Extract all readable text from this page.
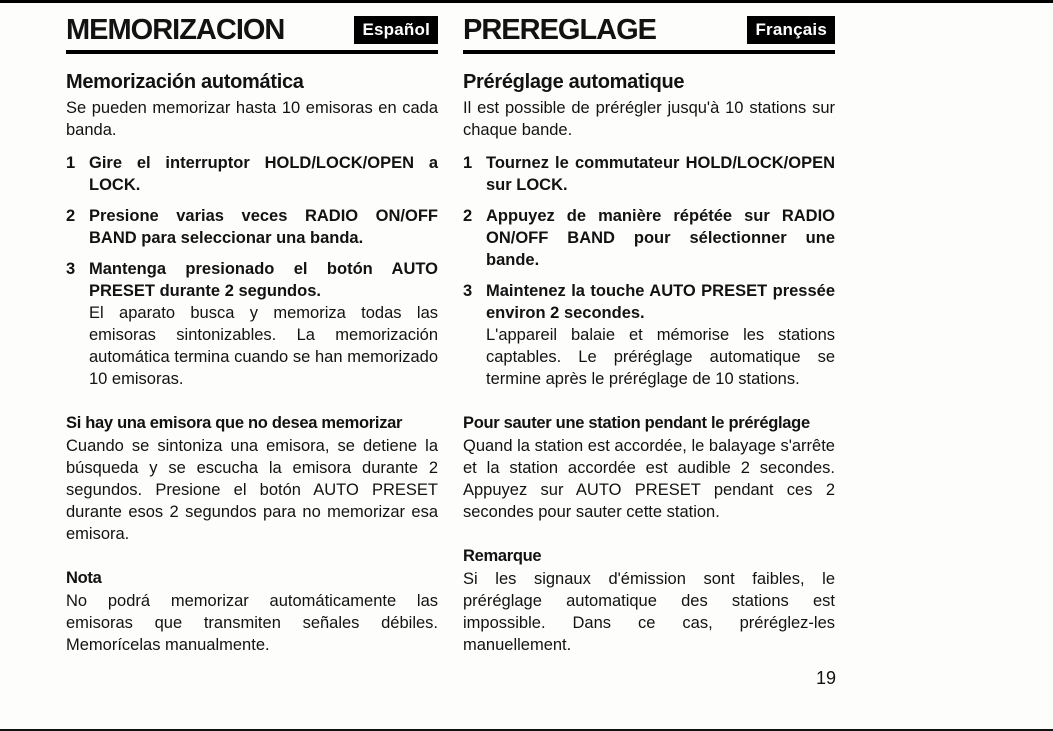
MEMORIZACION	Español
Memorización automática

Se pueden memorizar hasta 10 emisoras en cada banda.

1 Gire el interruptor HOLD/LOCK/OPEN a LOCK.
2 Presione varias veces RADIO ON/OFF BAND para seleccionar una banda.
3 Mantenga presionado el botón AUTO PRESET durante 2 segundos.

El aparato busca y memoriza todas las emisoras sintonizables. La memorización automática termina cuando se han memorizado 10 emisoras.

Si hay una emisora que no desea memorizar

Cuando se sintoniza una emisora, se detiene la búsqueda y se escucha la emisora durante 2 segundos. Presione el botón AUTO PRESET durante esos 2 segundos para no memorizar esa emisora.

Nota

No podrá memorizar automáticamente las emisoras que transmiten señales débiles. Memorícelas manualmente.

PREREGLAGE	Français
Préréglage automatique

Il est possible de prérégler jusqu'à 10 stations sur chaque bande.

1 Tournez le commutateur HOLD/LOCK/OPEN sur LOCK.
2 Appuyez de manière répétée sur RADIO ON/OFF BAND pour sélectionner une bande.
3 Maintenez la touche AUTO PRESET pressée environ 2 secondes.

L'appareil balaie et mémorise les stations captables. Le préréglage automatique se termine après le préréglage de 10 stations.

Pour sauter une station pendant le préréglage

Quand la station est accordée, le balayage s'arrête et la station accordée est audible 2 secondes. Appuyez sur AUTO PRESET pendant ces 2 secondes pour sauter cette station.

Remarque

Si les signaux d'émission sont faibles, le préréglage automatique des stations est impossible. Dans ce cas, préréglez-les manuellement.

19
